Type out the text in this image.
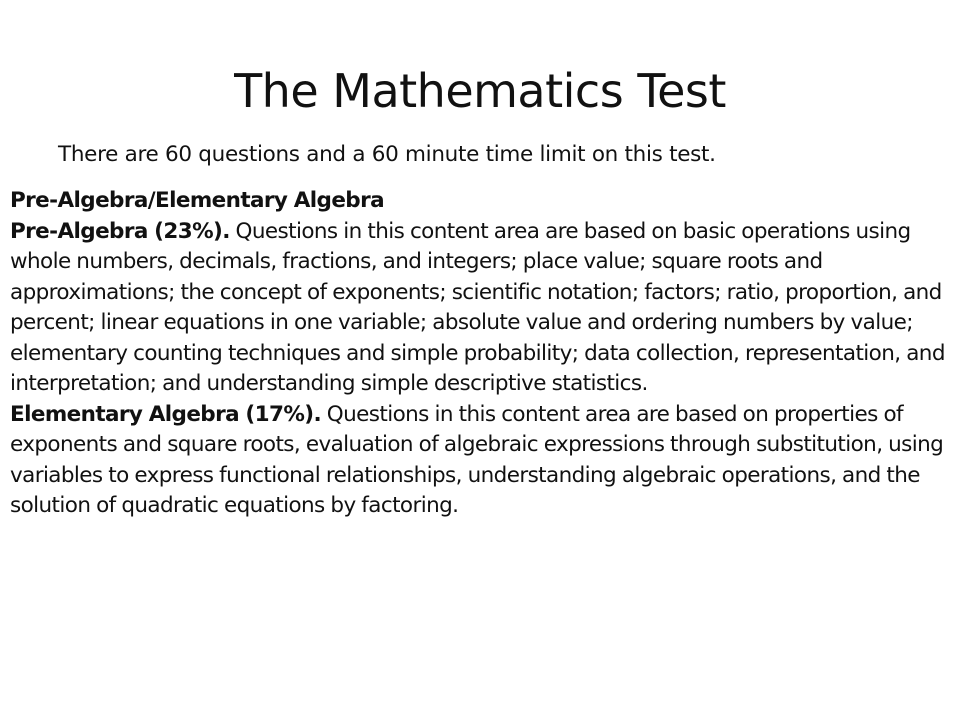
The Mathematics Test

There are 60 questions and a 60 minute time limit on this test.

Pre-Algebra/Elementary Algebra

Pre-Algebra (23%). Questions in this content area are based on basic operations using whole numbers, decimals, fractions, and integers; place value; square roots and approximations; the concept of exponents; scientific notation; factors; ratio, proportion, and percent; linear equations in one variable; absolute value and ordering numbers by value; elementary counting techniques and simple probability; data collection, representation, and interpretation; and understanding simple descriptive statistics.

Elementary Algebra (17%). Questions in this content area are based on properties of exponents and square roots, evaluation of algebraic expressions through substitution, using variables to express functional relationships, understanding algebraic operations, and the solution of quadratic equations by factoring.
